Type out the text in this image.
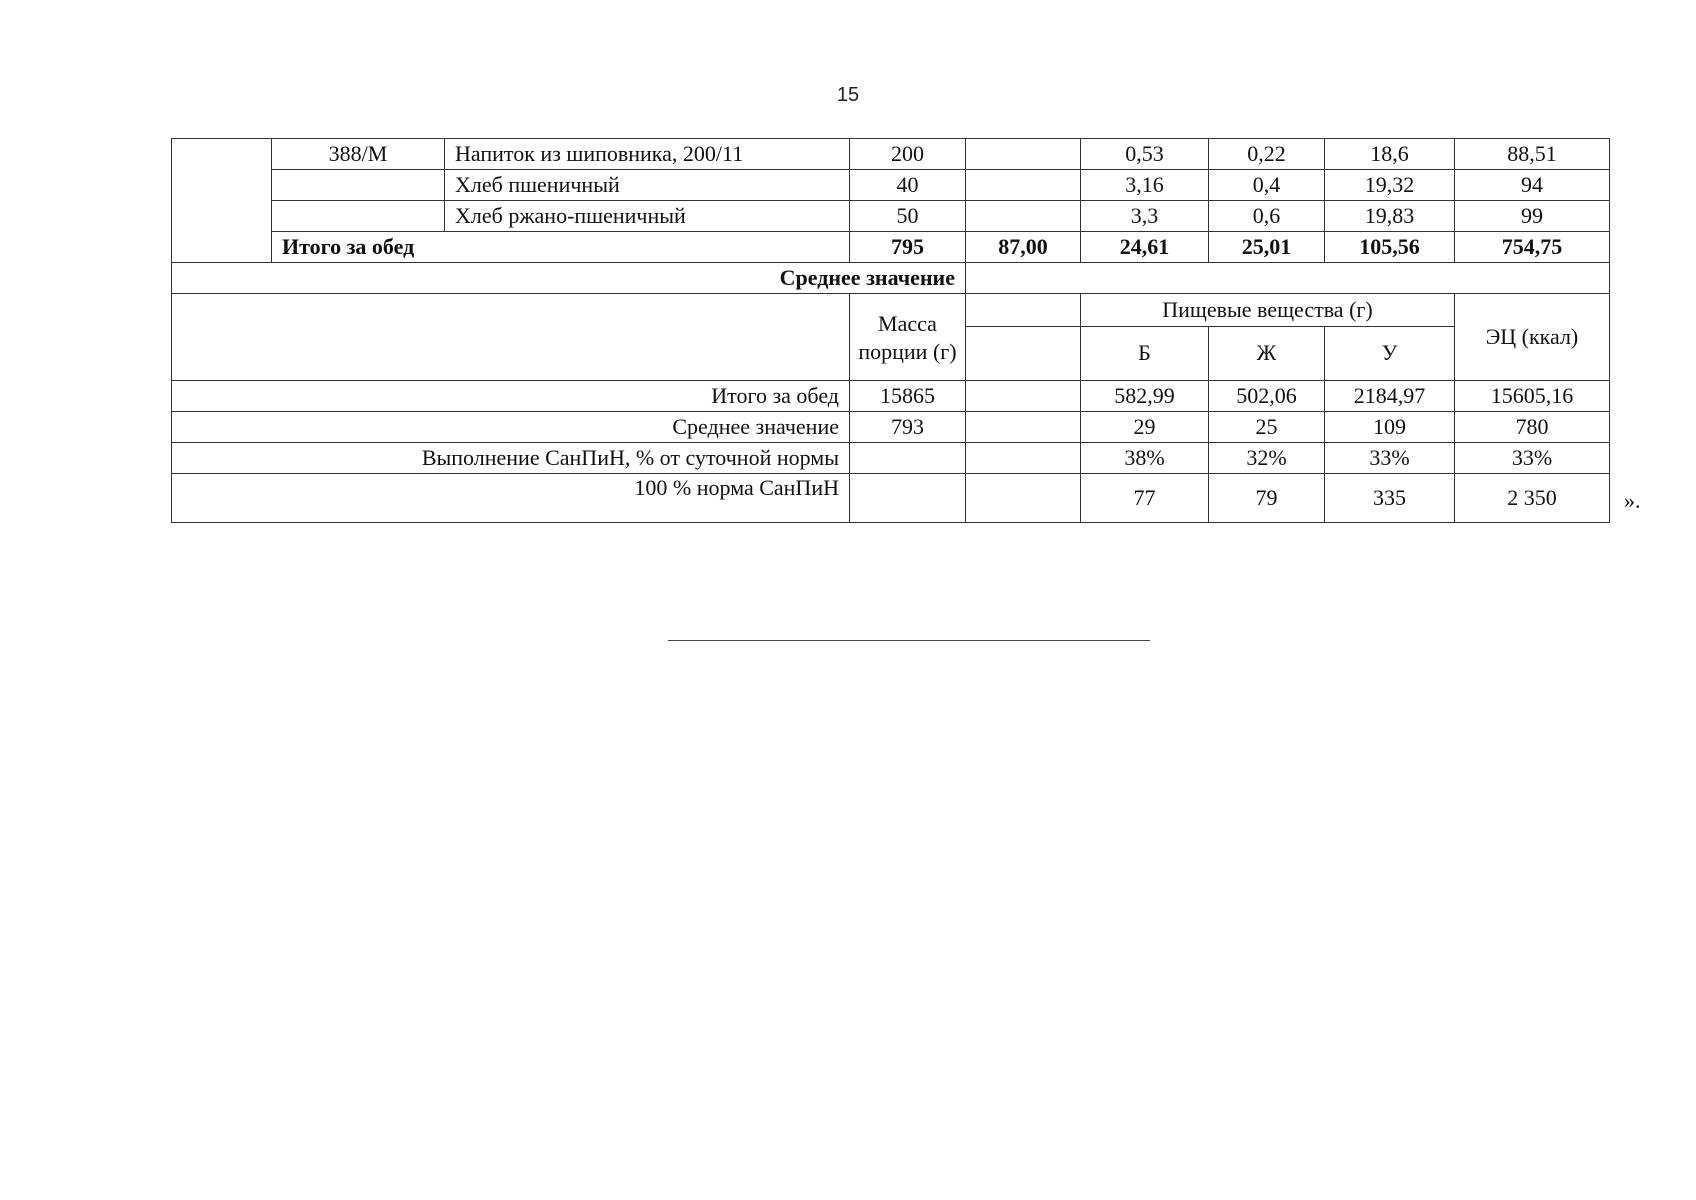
15
	388/М	Напиток из шиповника, 200/11	200		0,53	0,22	18,6	88,51
		Хлеб пшеничный	40		3,16	0,4	19,32	94
		Хлеб ржано-пшеничный	50		3,3	0,6	19,83	99
	Итого за обед		795	87,00	24,61	25,01	105,56	754,75
Среднее значение								
			Масса порции (г)		Пищевые вещества (г)			ЭЦ (ккал)
					Б	Ж	У	
Итого за обед			15865		582,99	502,06	2184,97	15605,16
Среднее значение			793		29	25	109	780
Выполнение СанПиН, % от суточной нормы					38%	32%	33%	33%
100 % норма СанПиН					77	79	335	2 350	».
